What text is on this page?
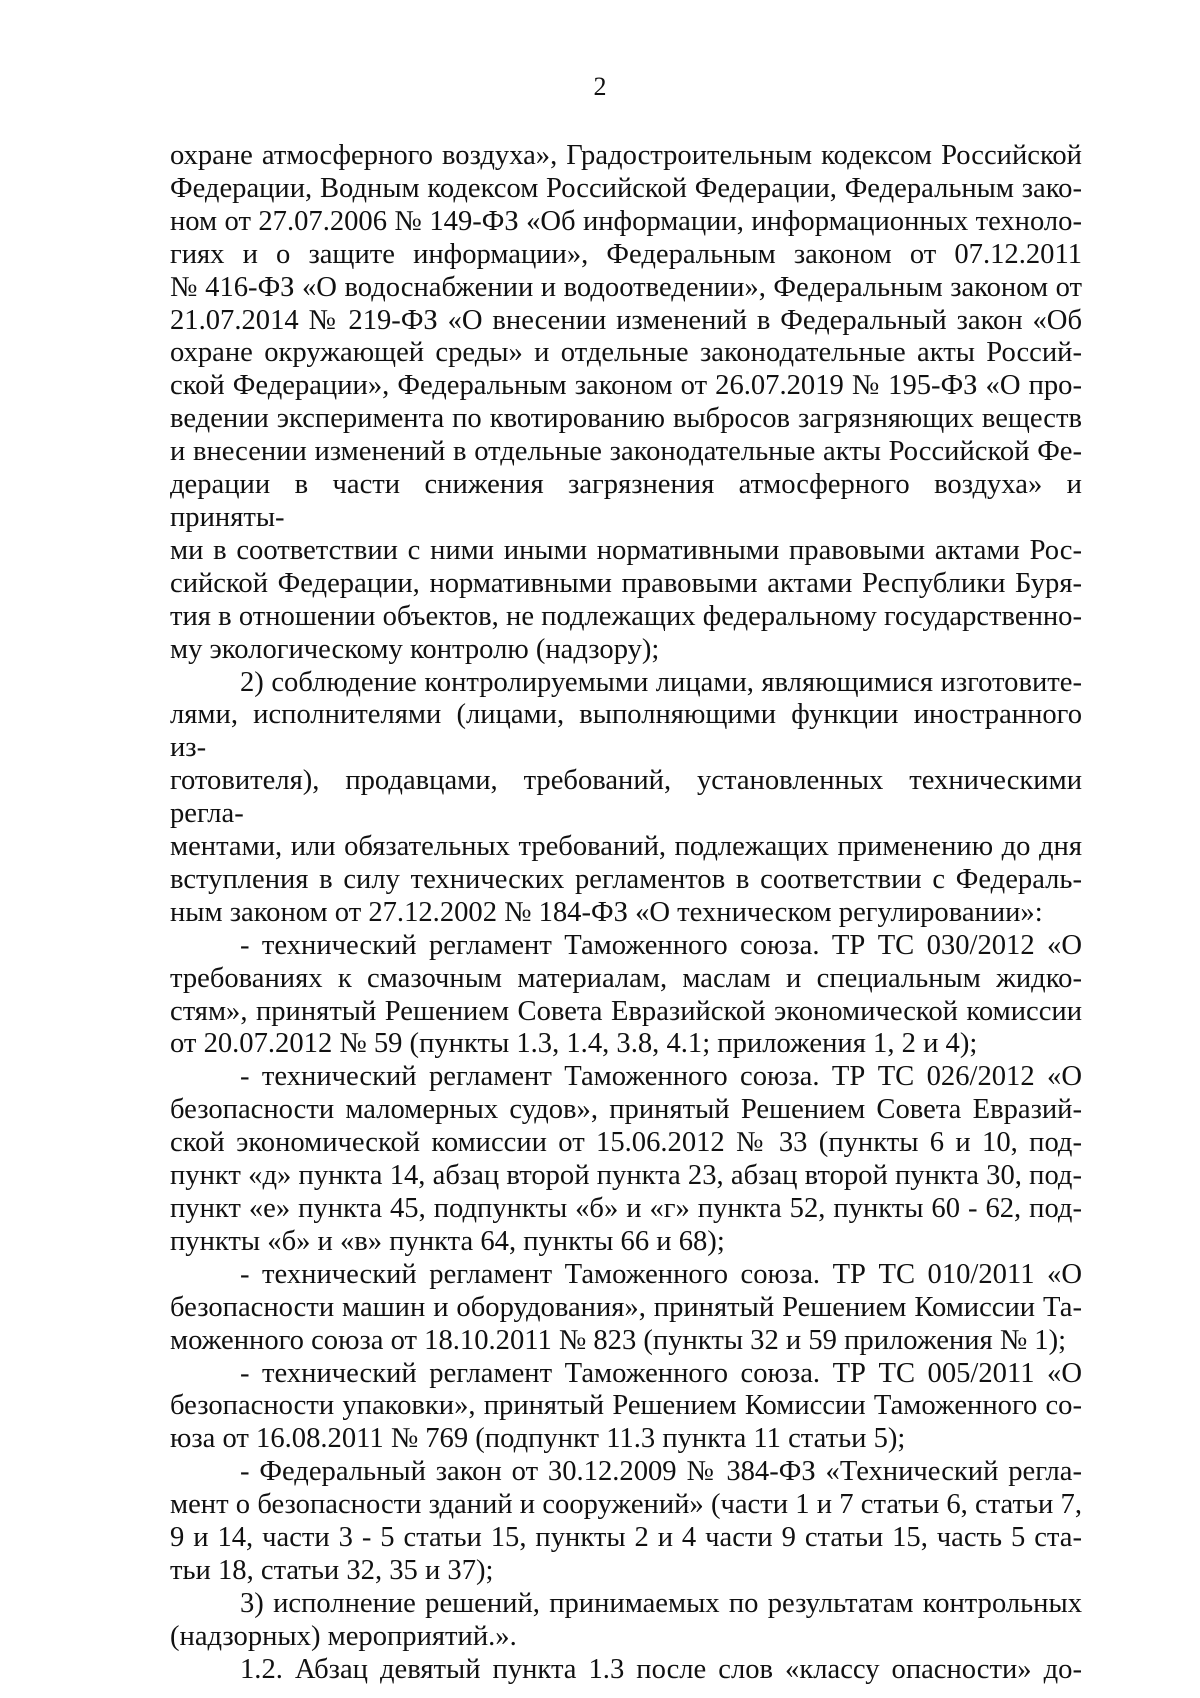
2
охране атмосферного воздуха», Градостроительным кодексом Российской
Федерации, Водным кодексом Российской Федерации, Федеральным зако-
ном от 27.07.2006 № 149-ФЗ «Об информации, информационных техноло-
гиях и о защите информации», Федеральным законом от 07.12.2011
№ 416-ФЗ «О водоснабжении и водоотведении», Федеральным законом от
21.07.2014 № 219-ФЗ «О внесении изменений в Федеральный закон «Об
охране окружающей среды» и отдельные законодательные акты Россий-
ской Федерации», Федеральным законом от 26.07.2019 № 195-ФЗ «О про-
ведении эксперимента по квотированию выбросов загрязняющих веществ
и внесении изменений в отдельные законодательные акты Российской Фе-
дерации в части снижения загрязнения атмосферного воздуха» и приняты-
ми в соответствии с ними иными нормативными правовыми актами Рос-
сийской Федерации, нормативными правовыми актами Республики Буря-
тия в отношении объектов, не подлежащих федеральному государственно-
му экологическому контролю (надзору);
2) соблюдение контролируемыми лицами, являющимися изготовите-
лями, исполнителями (лицами, выполняющими функции иностранного из-
готовителя), продавцами, требований, установленных техническими регла-
ментами, или обязательных требований, подлежащих применению до дня
вступления в силу технических регламентов в соответствии с Федераль-
ным законом от 27.12.2002 № 184-ФЗ «О техническом регулировании»:
- технический регламент Таможенного союза. ТР ТС 030/2012 «О
требованиях к смазочным материалам, маслам и специальным жидко-
стям», принятый Решением Совета Евразийской экономической комиссии
от 20.07.2012 № 59 (пункты 1.3, 1.4, 3.8, 4.1; приложения 1, 2 и 4);
- технический регламент Таможенного союза. ТР ТС 026/2012 «О
безопасности маломерных судов», принятый Решением Совета Евразий-
ской экономической комиссии от 15.06.2012 № 33 (пункты 6 и 10, под-
пункт «д» пункта 14, абзац второй пункта 23, абзац второй пункта 30, под-
пункт «е» пункта 45, подпункты «б» и «г» пункта 52, пункты 60 - 62, под-
пункты «б» и «в» пункта 64, пункты 66 и 68);
- технический регламент Таможенного союза. ТР ТС 010/2011 «О
безопасности машин и оборудования», принятый Решением Комиссии Та-
моженного союза от 18.10.2011 № 823 (пункты 32 и 59 приложения № 1);
- технический регламент Таможенного союза. ТР ТС 005/2011 «О
безопасности упаковки», принятый Решением Комиссии Таможенного со-
юза от 16.08.2011 № 769 (подпункт 11.3 пункта 11 статьи 5);
- Федеральный закон от 30.12.2009 № 384-ФЗ «Технический регла-
мент о безопасности зданий и сооружений» (части 1 и 7 статьи 6, статьи 7,
9 и 14, части 3 - 5 статьи 15, пункты 2 и 4 части 9 статьи 15, часть 5 ста-
тьи 18, статьи 32, 35 и 37);
3) исполнение решений, принимаемых по результатам контрольных
(надзорных) мероприятий.».
1.2. Абзац девятый пункта 1.3 после слов «классу опасности» до-
